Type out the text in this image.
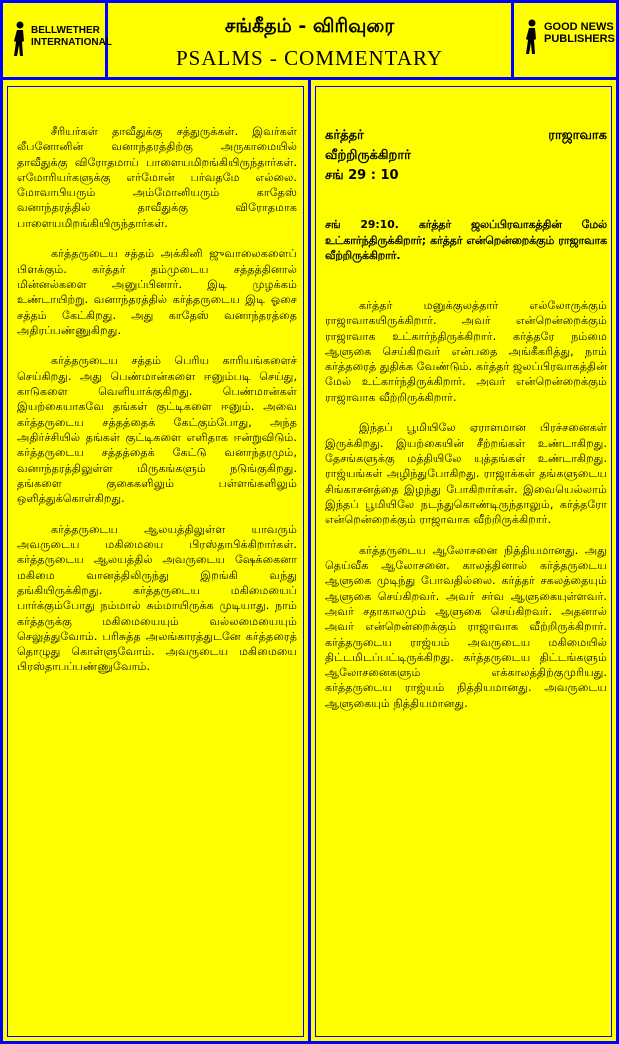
BELLWETHER
INTERNATIONAL
சங்கீதம் - விரிவுரை
PSALMS - COMMENTARY
GOOD NEWS
PUBLISHERS

சீரியர்கள் தாவீதுக்கு சத்துருக்கள். இவர்கள் லீபனோனின் வனாந்தரத்திற்கு அருகாமையில் தாவீதுக்கு விரோதமாய் பாளையமிறங்கியிருந்தார்கள். எமோரியர்களுக்கு எர்மோன் பர்வதமே எல்லை. மோவாபியரும் அம்மோனியரும் காதேஸ் வனாந்தரத்தில் தாவீதுக்கு விரோதமாக பாளையமிறங்கியிருந்தார்கள்.

கர்த்தருடைய சத்தம் அக்கினி ஜுவாலைகளைப் பிளக்கும். கர்த்தர் தம்முடைய சத்தத்தினால் மின்னல்களை அனுப்பினார். இடி முழக்கம் உண்டாயிற்று. வனாந்தரத்தில் கர்த்தருடைய இடி ஓசை சத்தம் கேட்கிறது. அது காதேஸ் வனாந்தரத்தை அதிரப்பண்ணுகிறது.

கர்த்தருடைய சத்தம் பெரிய காரியங்களைச் செய்கிறது. அது பெண்மான்களை ஈனும்படி செய்து, காடுகளை வெளியாக்குகிறது. பெண்மான்கள் இயற்கையாகவே தங்கள் குட்டிகளை ஈனும். அவை கர்த்தருடைய சத்தத்தைக் கேட்கும்போது, அந்த அதிர்ச்சியில் தங்கள் குட்டிகளை எளிதாக ஈன்றுவிடும். கர்த்தருடைய சத்தத்தைக் கேட்டு வனாந்தரமும், வனாந்தரத்திலுள்ள மிருகங்களும் நடுங்குகிறது. தங்களை குகைகளிலும் பள்ளங்களிலும் ஒளித்துக்கொள்கிறது.

கர்த்தருடைய ஆலயத்திலுள்ள யாவரும் அவருடைய மகிமையை பிரஸ்தாபிக்கிறார்கள். கர்த்தருடைய ஆலயத்தில் அவருடைய ஷேக்கைனா மகிமை வானத்திலிருந்து இறங்கி வந்து தங்கியிருக்கிறது. கர்த்தருடைய மகிமையைப் பார்க்கும்போது நம்மால் சும்மாயிருக்க முடியாது. நாம் கர்த்தருக்கு மகிமையையும் வல்லமையையும் செலுத்துவோம். பரிசுத்த அலங்காரத்துடனே கர்த்தரைத் தொழுது கொள்ளுவோம். அவருடைய மகிமையை பிரஸ்தாபப்பண்ணுவோம்.

கர்த்தர்	ராஜாவாக
வீற்றிருக்கிறார்
சங் 29 : 10
சங் 29:10. கர்த்தர் ஜலப்பிரவாகத்தின் மேல் உட்கார்ந்திருக்கிறார்; கர்த்தர் என்றென்றைக்கும் ராஜாவாக வீற்றிருக்கிறார்.

கர்த்தர் மனுக்குலத்தார் எல்லோருக்கும் ராஜாவாகயிருக்கிறார். அவர் என்றென்றைக்கும் ராஜாவாக உட்கார்ந்திருக்கிறார். கர்த்தரே நம்மை ஆளுகை செய்கிறவர் என்பதை அங்கீகரித்து, நாம் கர்த்தரைத் துதிக்க வேண்டும். கர்த்தர் ஜலப்பிரவாகத்தின் மேல் உட்கார்ந்திருக்கிறார். அவர் என்றென்றைக்கும் ராஜாவாக வீற்றிருக்கிறார்.

இந்தப் பூமியிலே ஏராளமான பிரச்சனைகள் இருக்கிறது. இயற்கையின் சீற்றங்கள் உண்டாகிறது. தேசங்களுக்கு மத்தியிலே யுத்தங்கள் உண்டாகிறது. ராஜ்யங்கள் அழிந்துபோகிறது. ராஜாக்கள் தங்களுடைய சிங்காசனத்தை இழந்து போகிறார்கள். இவையெல்லாம் இந்தப் பூமியிலே நடந்துகொண்டிருந்தாலும், கர்த்தரோ என்றென்றைக்கும் ராஜாவாக வீற்றிருக்கிறார்.

கர்த்தருடைய ஆலோசனை நித்தியமானது. அது தெய்வீக ஆலோசனை. காலத்தினால் கர்த்தருடைய ஆளுகை முடிந்து போவதில்லை. கர்த்தர் சகலத்தையும் ஆளுகை செய்கிறவர். அவர் சர்வ ஆளுகையுள்ளவர். அவர் சதாகாலமும் ஆளுகை செய்கிறவர். அதனால் அவர் என்றென்றைக்கும் ராஜாவாக வீற்றிருக்கிறார். கர்த்தருடைய ராஜ்யம் அவருடைய மகிமையில் திட்டமிடப்பட்டிருக்கிறது. கர்த்தருடைய திட்டங்களும் ஆலோசனைகளும் எக்காலத்திற்குமுரியது. கர்த்தருடைய ராஜ்யம் நித்தியமானது. அவருடைய ஆளுகையும் நித்தியமானது.
